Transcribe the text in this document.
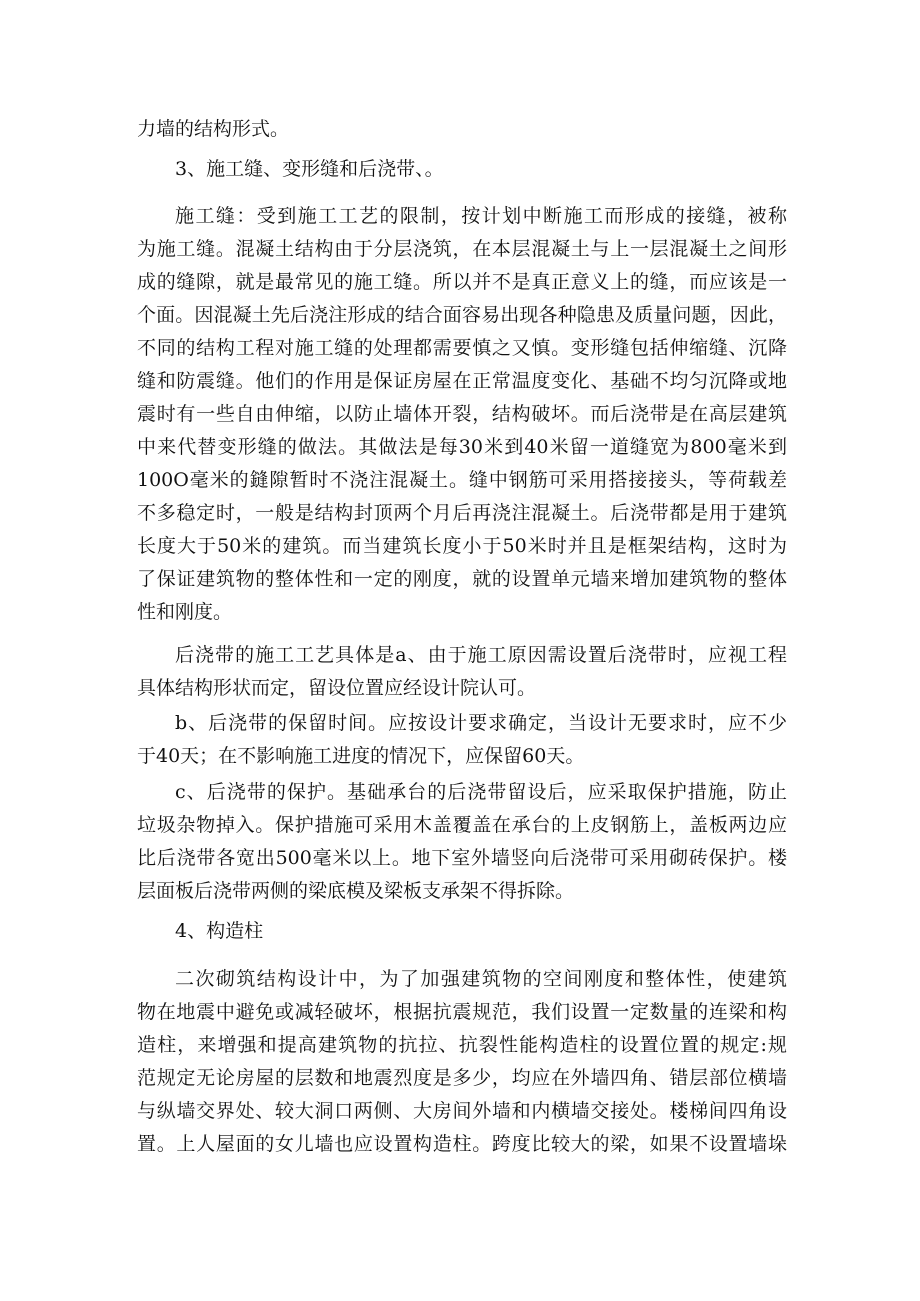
力墙的结构形式。
3、施工缝、变形缝和后浇带、。
施工缝：受到施工工艺的限制，按计划中断施工而形成的接缝，被称
为施工缝。混凝土结构由于分层浇筑，在本层混凝土与上一层混凝土之间形
成的缝隙，就是最常见的施工缝。所以并不是真正意义上的缝，而应该是一
个面。因混凝土先后浇注形成的结合面容易出现各种隐患及质量问题，因此，
不同的结构工程对施工缝的处理都需要慎之又慎。变形缝包括伸缩缝、沉降
缝和防震缝。他们的作用是保证房屋在正常温度变化、基础不均匀沉降或地
震时有一些自由伸缩，以防止墙体开裂，结构破坏。而后浇带是在高层建筑
中来代替变形缝的做法。其做法是每30米到40米留一道缝宽为800毫米到
100O毫米的鏠隙暂时不浇注混凝土。缝中钢筋可采用搭接接头，等荷载差
不多稳定时，一般是结构封顶两个月后再浇注混凝土。后浇带都是用于建筑
长度大于50米的建筑。而当建筑长度小于50米时并且是框架结构，这时为
了保证建筑物的整体性和一定的刚度，就的设置单元墙来增加建筑物的整体
性和刚度。
后浇带的施工工艺具体是a、由于施工原因需设置后浇带时，应视工程
具体结构形状而定，留设位置应经设计院认可。
b、后浇带的保留时间。应按设计要求确定，当设计无要求时，应不少
于40天；在不影响施工进度的情况下，应保留60天。
c、后浇带的保护。基础承台的后浇带留设后，应采取保护措施，防止
垃圾杂物掉入。保护措施可采用木盖覆盖在承台的上皮钢筋上，盖板两边应
比后浇带各宽出500毫米以上。地下室外墙竖向后浇带可采用砌砖保护。楼
层面板后浇带两侧的梁底模及梁板支承架不得拆除。
4、构造柱
二次砌筑结构设计中，为了加强建筑物的空间刚度和整体性，使建筑
物在地震中避免或减轻破坏，根据抗震规范，我们设置一定数量的连梁和构
造柱，来增强和提高建筑物的抗拉、抗裂性能构造柱的设置位置的规定:规
范规定无论房屋的层数和地震烈度是多少，均应在外墙四角、错层部位横墙
与纵墙交界处、较大洞口两侧、大房间外墙和内横墙交接处。楼梯间四角设
置。上人屋面的女儿墙也应设置构造柱。跨度比较大的梁，如果不设置墙垛
